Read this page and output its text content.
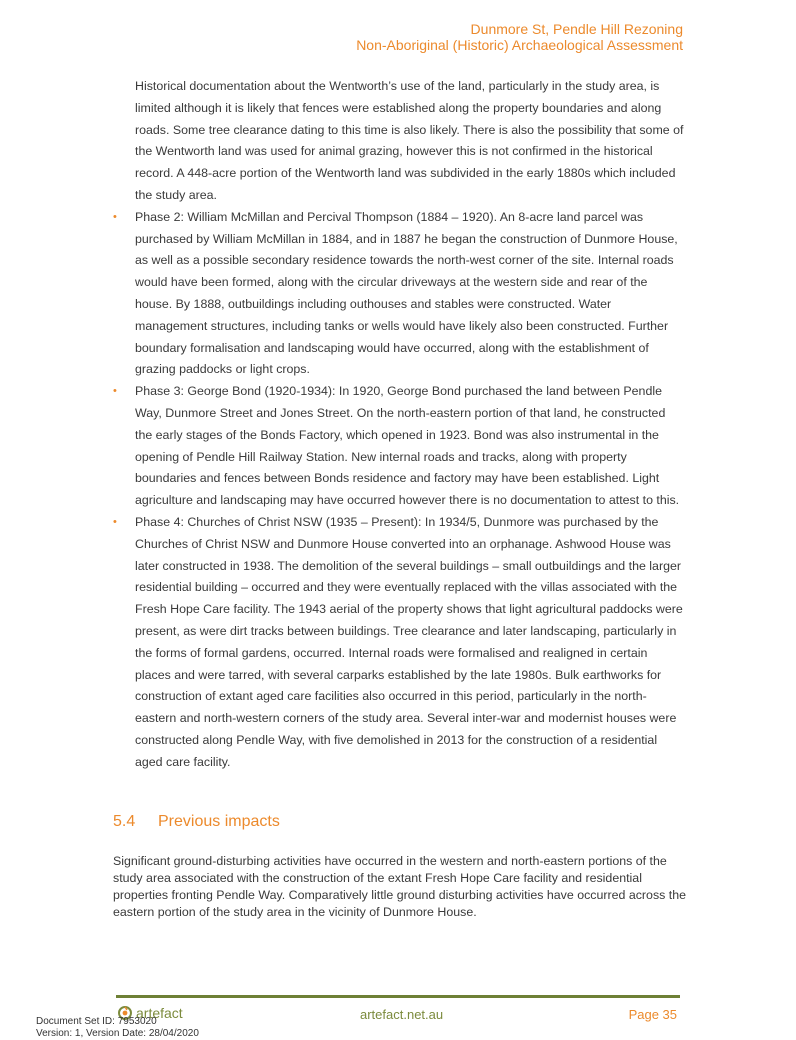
Dunmore St, Pendle Hill Rezoning
Non-Aboriginal (Historic) Archaeological Assessment

Historical documentation about the Wentworth’s use of the land, particularly in the study area, is limited although it is likely that fences were established along the property boundaries and along roads. Some tree clearance dating to this time is also likely. There is also the possibility that some of the Wentworth land was used for animal grazing, however this is not confirmed in the historical record. A 448-acre portion of the Wentworth land was subdivided in the early 1880s which included the study area.

• Phase 2: William McMillan and Percival Thompson (1884 – 1920). An 8-acre land parcel was purchased by William McMillan in 1884, and in 1887 he began the construction of Dunmore House, as well as a possible secondary residence towards the north-west corner of the site. Internal roads would have been formed, along with the circular driveways at the western side and rear of the house. By 1888, outbuildings including outhouses and stables were constructed. Water management structures, including tanks or wells would have likely also been constructed. Further boundary formalisation and landscaping would have occurred, along with the establishment of grazing paddocks or light crops.

• Phase 3: George Bond (1920-1934): In 1920, George Bond purchased the land between Pendle Way, Dunmore Street and Jones Street. On the north-eastern portion of that land, he constructed the early stages of the Bonds Factory, which opened in 1923. Bond was also instrumental in the opening of Pendle Hill Railway Station. New internal roads and tracks, along with property boundaries and fences between Bonds residence and factory may have been established. Light agriculture and landscaping may have occurred however there is no documentation to attest to this.

• Phase 4: Churches of Christ NSW (1935 – Present): In 1934/5, Dunmore was purchased by the Churches of Christ NSW and Dunmore House converted into an orphanage. Ashwood House was later constructed in 1938. The demolition of the several buildings – small outbuildings and the larger residential building – occurred and they were eventually replaced with the villas associated with the Fresh Hope Care facility. The 1943 aerial of the property shows that light agricultural paddocks were present, as were dirt tracks between buildings. Tree clearance and later landscaping, particularly in the forms of formal gardens, occurred. Internal roads were formalised and realigned in certain places and were tarred, with several carparks established by the late 1980s. Bulk earthworks for construction of extant aged care facilities also occurred in this period, particularly in the north-eastern and north-western corners of the study area. Several inter-war and modernist houses were constructed along Pendle Way, with five demolished in 2013 for the construction of a residential aged care facility.

5.4	Previous impacts

Significant ground-disturbing activities have occurred in the western and north-eastern portions of the study area associated with the construction of the extant Fresh Hope Care facility and residential properties fronting Pendle Way. Comparatively little ground disturbing activities have occurred across the eastern portion of the study area in the vicinity of Dunmore House.

artefact	artefact.net.au	Page 35
Document Set ID: 7953020
Version: 1, Version Date: 28/04/2020
